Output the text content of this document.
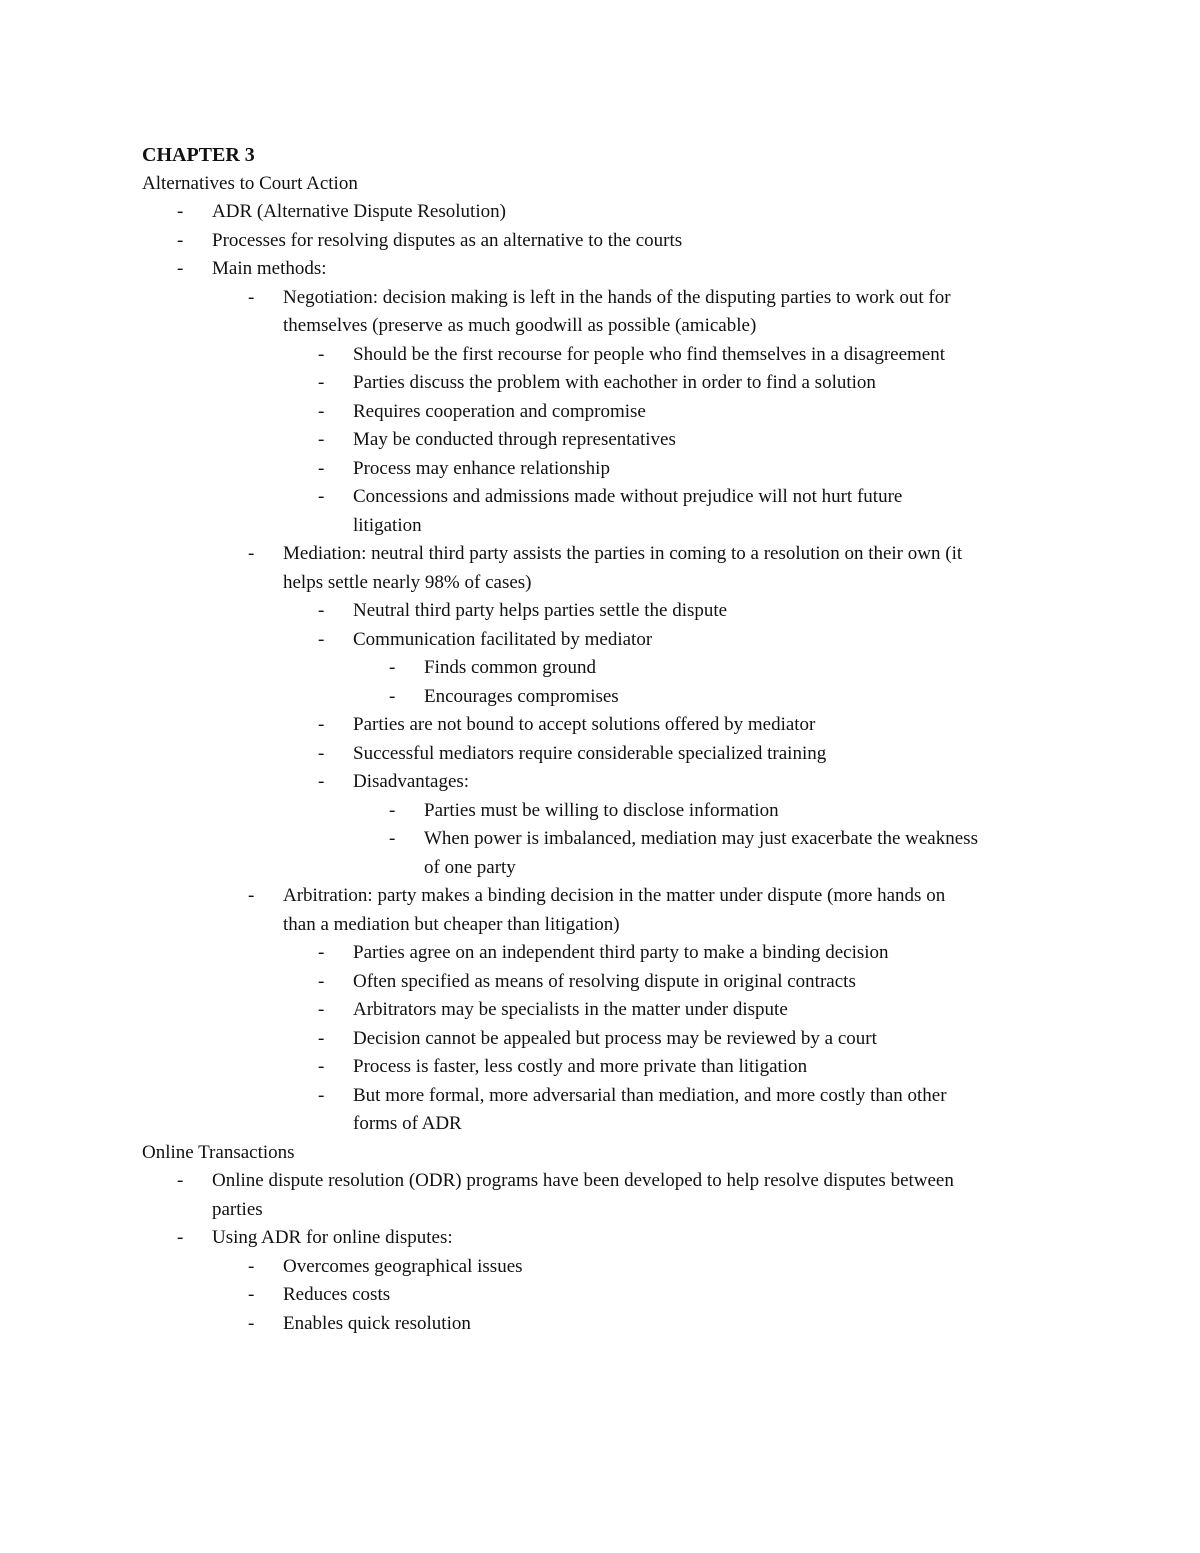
CHAPTER 3
Alternatives to Court Action
- ADR (Alternative Dispute Resolution)
- Processes for resolving disputes as an alternative to the courts
- Main methods:
- Negotiation: decision making is left in the hands of the disputing parties to work out for
themselves (preserve as much goodwill as possible (amicable)
- Should be the first recourse for people who find themselves in a disagreement
- Parties discuss the problem with eachother in order to find a solution
- Requires cooperation and compromise
- May be conducted through representatives
- Process may enhance relationship
- Concessions and admissions made without prejudice will not hurt future
litigation
- Mediation: neutral third party assists the parties in coming to a resolution on their own (it
helps settle nearly 98% of cases)
- Neutral third party helps parties settle the dispute
- Communication facilitated by mediator
- Finds common ground
- Encourages compromises
- Parties are not bound to accept solutions offered by mediator
- Successful mediators require considerable specialized training
- Disadvantages:
- Parties must be willing to disclose information
- When power is imbalanced, mediation may just exacerbate the weakness
of one party
- Arbitration: party makes a binding decision in the matter under dispute (more hands on
than a mediation but cheaper than litigation)
- Parties agree on an independent third party to make a binding decision
- Often specified as means of resolving dispute in original contracts
- Arbitrators may be specialists in the matter under dispute
- Decision cannot be appealed but process may be reviewed by a court
- Process is faster, less costly and more private than litigation
- But more formal, more adversarial than mediation, and more costly than other
forms of ADR
Online Transactions
- Online dispute resolution (ODR) programs have been developed to help resolve disputes between
parties
- Using ADR for online disputes:
- Overcomes geographical issues
- Reduces costs
- Enables quick resolution
